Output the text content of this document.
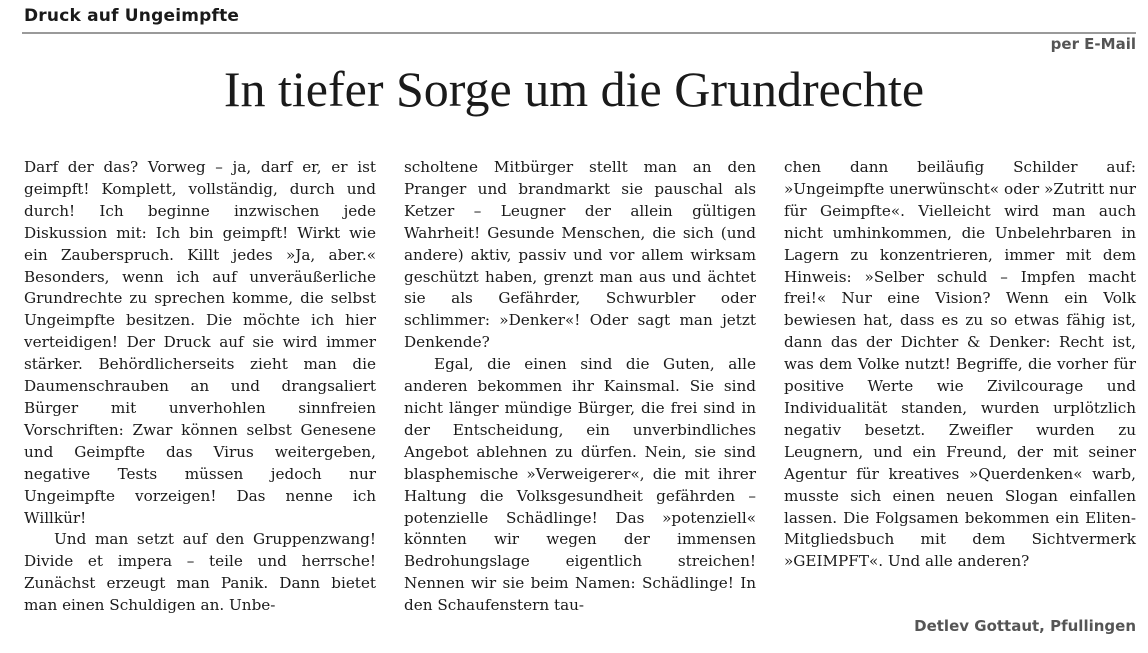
Druck auf Ungeimpfte
per E-Mail
In tiefer Sorge um die Grundrechte

Darf der das? Vorweg – ja, darf er, er ist geimpft! Komplett, vollständig, durch und durch! Ich beginne inzwischen jede Diskussion mit: Ich bin geimpft! Wirkt wie ein Zauberspruch. Killt jedes »Ja, aber.« Besonders, wenn ich auf unveräußerliche Grundrechte zu sprechen komme, die selbst Ungeimpfte besitzen. Die möchte ich hier verteidigen! Der Druck auf sie wird immer stärker. Behördlicherseits zieht man die Daumenschrauben an und drangsaliert Bürger mit unverhohlen sinnfreien Vorschriften: Zwar können selbst Genesene und Geimpfte das Virus weitergeben, negative Tests müssen jedoch nur Ungeimpfte vorzeigen! Das nenne ich Willkür!

Und man setzt auf den Gruppenzwang! Divide et impera – teile und herrsche! Zunächst erzeugt man Panik. Dann bietet man einen Schuldigen an. Unbe-

scholtene Mitbürger stellt man an den Pranger und brandmarkt sie pauschal als Ketzer – Leugner der allein gültigen Wahrheit! Gesunde Menschen, die sich (und andere) aktiv, passiv und vor allem wirksam geschützt haben, grenzt man aus und ächtet sie als Gefährder, Schwurbler oder schlimmer: »Denker«! Oder sagt man jetzt Denkende?

Egal, die einen sind die Guten, alle anderen bekommen ihr Kainsmal. Sie sind nicht länger mündige Bürger, die frei sind in der Entscheidung, ein unverbindliches Angebot ablehnen zu dürfen. Nein, sie sind blasphemische »Verweigerer«, die mit ihrer Haltung die Volksgesundheit gefährden – potenzielle Schädlinge! Das »potenziell« könnten wir wegen der immensen Bedrohungslage eigentlich streichen! Nennen wir sie beim Namen: Schädlinge! In den Schaufenstern tau-

chen dann beiläufig Schilder auf: »Ungeimpfte unerwünscht« oder »Zutritt nur für Geimpfte«. Vielleicht wird man auch nicht umhinkommen, die Unbelehrbaren in Lagern zu konzentrieren, immer mit dem Hinweis: »Selber schuld – Impfen macht frei!« Nur eine Vision? Wenn ein Volk bewiesen hat, dass es zu so etwas fähig ist, dann das der Dichter & Denker: Recht ist, was dem Volke nutzt! Begriffe, die vorher für positive Werte wie Zivilcourage und Individualität standen, wurden urplötzlich negativ besetzt. Zweifler wurden zu Leugnern, und ein Freund, der mit seiner Agentur für kreatives »Querdenken« warb, musste sich einen neuen Slogan einfallen lassen. Die Folgsamen bekommen ein Eliten-Mitgliedsbuch mit dem Sichtvermerk »GEIMPFT«. Und alle anderen?

Detlev Gottaut, Pfullingen
